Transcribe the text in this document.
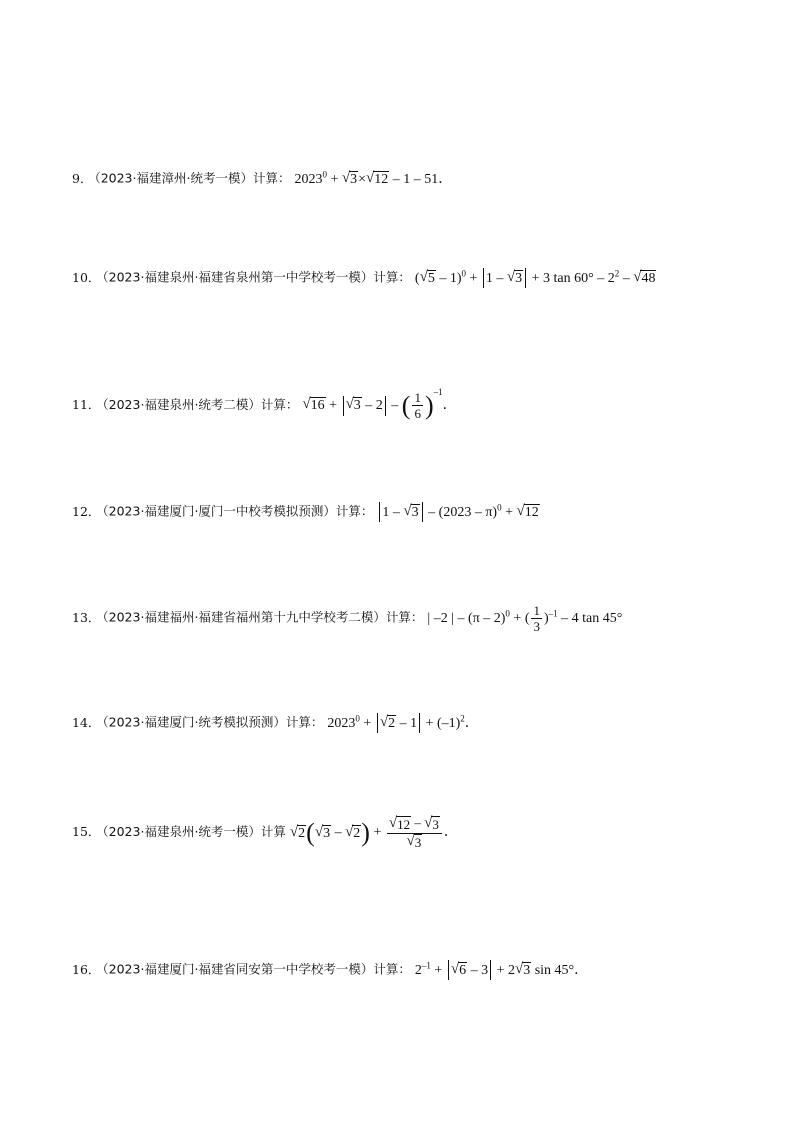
9． （2023·福建漳州·统考一模）计算： $2023^0$ + √ 3 × √ 12 – 1 – 51．
10． （2023·福建泉州·福建省泉州第一中学校考一模）计算： ( √ 5 – 1)$^0$ + 1 – √ 3 + 3 $\tan 60^\circ - 2^2$ – √ 48
11． （2023·福建泉州·统考二模）计算： √ 16 + √ 3 – 2 – ( $\frac{1}{6} )^{-1}$．
12． （2023·福建厦门·厦门一中校考模拟预测）计算： 1 – √ 3 – (2023 – π)$^0$ + √ 12
13． （2023·福建福州·福建省福州第十九中学校考二模）计算： | –2 | – (π – 2)$^0$ + ( $\frac{1}{3} )^{-1} - 4$ tan 45°
14． （2023·福建厦门·统考模拟预测）计算： $2023^0$ + √ $2 - 1 + (-1)^2$．
15． （2023·福建泉州·统考一模）计算 √ 2 ( √ 3 – √ 2 ) + $\frac{√ 12 - √ 3}{√ 3}$ ．
16． （2023·福建厦门·福建省同安第一中学校考一模）计算： $2^{-1}$ + √ 6 – 3 + 2 √ 3 sin 45°．
